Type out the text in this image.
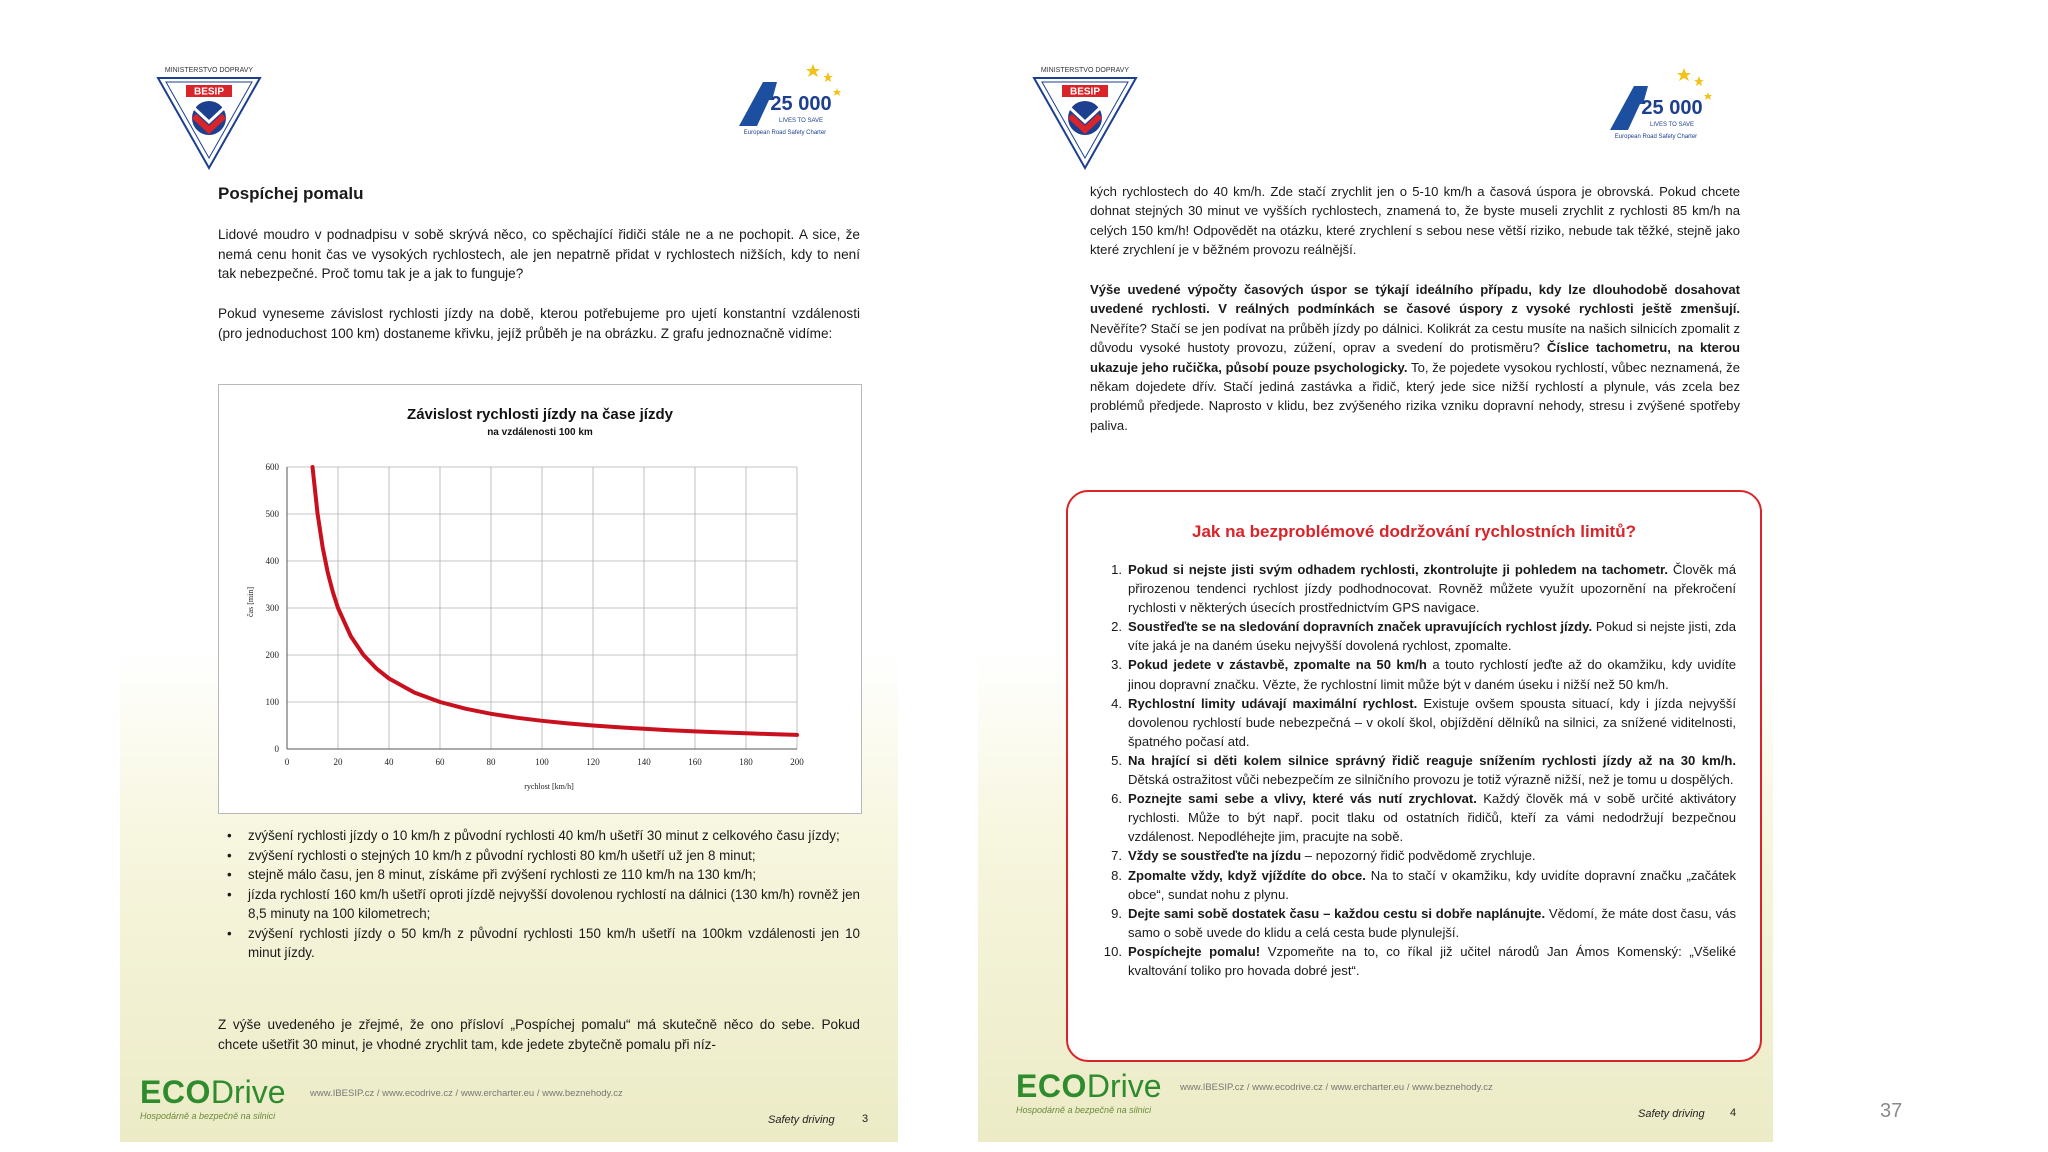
BESIP
MINISTERSTVO DOPRAVY
25 000
LIVES TO SAVE
European Road Safety Charter
Pospíchej pomalu

Lidové moudro v podnadpisu v sobě skrývá něco, co spěchající řidiči stále ne a ne pochopit. A sice, že nemá cenu honit čas ve vysokých rychlostech, ale jen nepatrně přidat v rychlostech nižších, kdy to není tak nebezpečné. Proč tomu tak je a jak to funguje?

Pokud vyneseme závislost rychlosti jízdy na době, kterou potřebujeme pro ujetí konstantní vzdálenosti (pro jednoduchost 100 km) dostaneme křivku, jejíž průběh je na obrázku. Z grafu jednoznačně vidíme:

Závislost rychlosti jízdy na čase jízdy
na vzdálenosti 100 km
0	20	40	60	80	100	120	140	160	180	200
0
100
200
300
400
500
600
rychlost [km/h]
čas [min]
• zvýšení rychlosti jízdy o 10 km/h z původní rychlosti 40 km/h ušetří 30 minut z celkového času jízdy;
• zvýšení rychlosti o stejných 10 km/h z původní rychlosti 80 km/h ušetří už jen 8 minut;
• stejně málo času, jen 8 minut, získáme při zvýšení rychlosti ze 110 km/h na 130 km/h;
• jízda rychlostí 160 km/h ušetří oproti jízdě nejvyšší dovolenou rychlostí na dálnici (130 km/h) rovněž jen 8,5 minuty na 100 kilometrech;
• zvýšení rychlosti jízdy o 50 km/h z původní rychlosti 150 km/h ušetří na 100km vzdálenosti jen 10 minut jízdy.

Z výše uvedeného je zřejmé, že ono přísloví „Pospíchej pomalu“ má skutečně něco do sebe. Pokud chcete ušetřit 30 minut, je vhodné zrychlit tam, kde jedete zbytečně pomalu při níz-

ECODrive
Hospodárně a bezpečně na silnici
www.IBESIP.cz / www.ecodrive.cz / www.ercharter.eu / www.beznehody.cz
Safety driving 3
BESIP
MINISTERSTVO DOPRAVY
25 000
LIVES TO SAVE
European Road Safety Charter

kých rychlostech do 40 km/h. Zde stačí zrychlit jen o 5-10 km/h a časová úspora je obrovská. Pokud chcete dohnat stejných 30 minut ve vyšších rychlostech, znamená to, že byste museli zrychlit z rychlosti 85 km/h na celých 150 km/h! Odpovědět na otázku, které zrychlení s sebou nese větší riziko, nebude tak těžké, stejně jako které zrychlení je v běžném provozu reálnější.

Výše uvedené výpočty časových úspor se týkají ideálního případu, kdy lze dlouhodobě dosahovat uvedené rychlosti. V reálných podmínkách se časové úspory z vysoké rychlosti ještě zmenšují. Nevěříte? Stačí se jen podívat na průběh jízdy po dálnici. Kolikrát za cestu musíte na našich silnicích zpomalit z důvodu vysoké hustoty provozu, zúžení, oprav a svedení do protisměru? Číslice tachometru, na kterou ukazuje jeho ručička, působí pouze psychologicky. To, že pojedete vysokou rychlostí, vůbec neznamená, že někam dojedete dřív. Stačí jediná zastávka a řidič, který jede sice nižší rychlostí a plynule, vás zcela bez problémů předjede. Naprosto v klidu, bez zvýšeného rizika vzniku dopravní nehody, stresu i zvýšené spotřeby paliva.

Jak na bezproblémové dodržování rychlostních limitů?
1. Pokud si nejste jisti svým odhadem rychlosti, zkontrolujte ji pohledem na tachometr. Člověk má přirozenou tendenci rychlost jízdy podhodnocovat. Rovněž můžete využít upozornění na překročení rychlosti v některých úsecích prostřednictvím GPS navigace.
2. Soustřeďte se na sledování dopravních značek upravujících rychlost jízdy. Pokud si nejste jisti, zda víte jaká je na daném úseku nejvyšší dovolená rychlost, zpomalte.
3. Pokud jedete v zástavbě, zpomalte na 50 km/h a touto rychlostí jeďte až do okamžiku, kdy uvidíte jinou dopravní značku. Vězte, že rychlostní limit může být v daném úseku i nižší než 50 km/h.
4. Rychlostní limity udávají maximální rychlost. Existuje ovšem spousta situací, kdy i jízda nejvyšší dovolenou rychlostí bude nebezpečná – v okolí škol, objíždění dělníků na silnici, za snížené viditelnosti, špatného počasí atd.
5. Na hrající si děti kolem silnice správný řidič reaguje snížením rychlosti jízdy až na 30 km/h. Dětská ostražitost vůči nebezpečím ze silničního provozu je totiž výrazně nižší, než je tomu u dospělých.
6. Poznejte sami sebe a vlivy, které vás nutí zrychlovat. Každý člověk má v sobě určité aktivátory rychlosti. Může to být např. pocit tlaku od ostatních řidičů, kteří za vámi nedodržují bezpečnou vzdálenost. Nepodléhejte jim, pracujte na sobě.
7. Vždy se soustřeďte na jízdu – nepozorný řidič podvědomě zrychluje.
8. Zpomalte vždy, když vjíždíte do obce. Na to stačí v okamžiku, kdy uvidíte dopravní značku „začátek obce“, sundat nohu z plynu.
9. Dejte sami sobě dostatek času – každou cestu si dobře naplánujte. Vědomí, že máte dost času, vás samo o sobě uvede do klidu a celá cesta bude plynulejší.
10. Pospíchejte pomalu! Vzpomeňte na to, co říkal již učitel národů Jan Ámos Komenský: „Všeliké kvaltování toliko pro hovada dobré jest“.
ECODrive
Hospodárně a bezpečně na silnici
www.IBESIP.cz / www.ecodrive.cz / www.ercharter.eu / www.beznehody.cz
Safety driving 4	37
